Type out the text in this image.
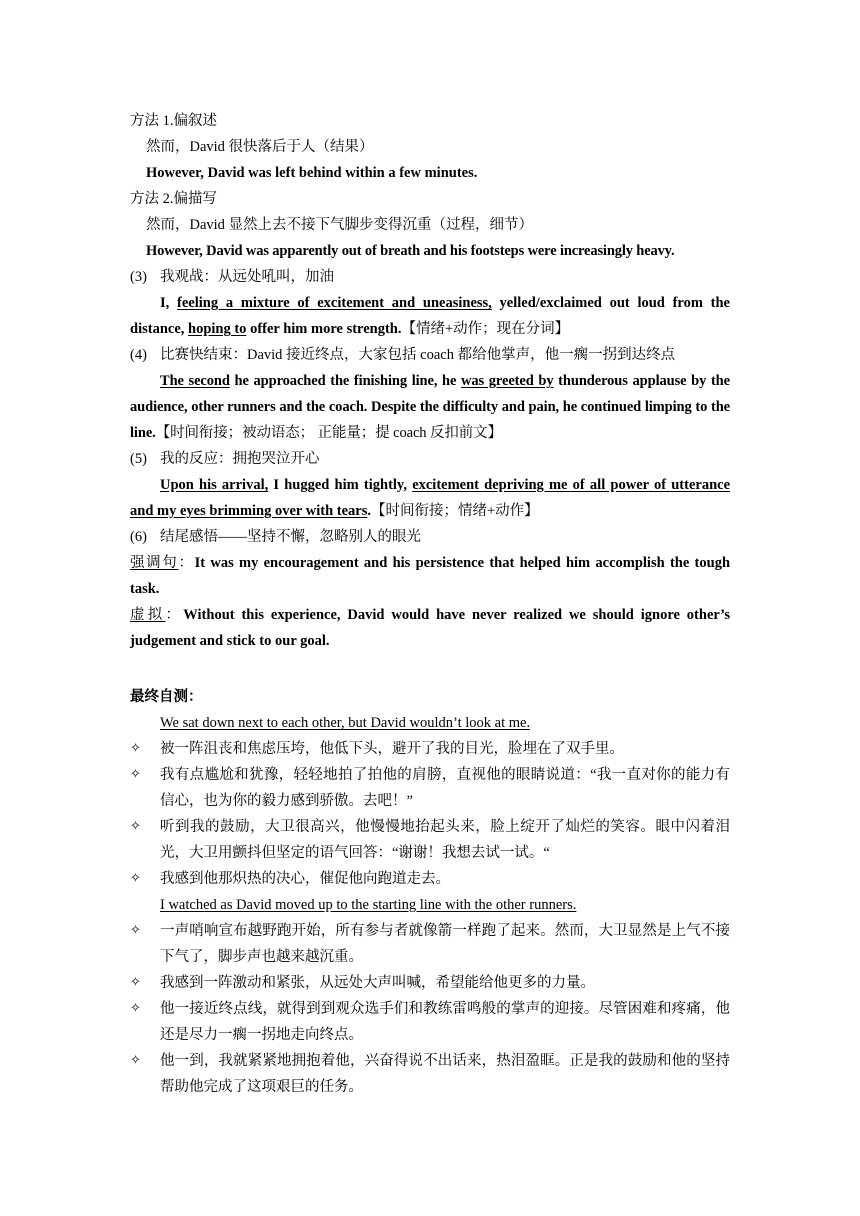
方法 1.偏叙述
然而，David 很快落后于人（结果）
However, David was left behind within a few minutes.
方法 2.偏描写
然而，David 显然上去不接下气脚步变得沉重（过程，细节）
However, David was apparently out of breath and his footsteps were increasingly heavy.
(3) 我观战：从远处吼叫，加油
I, feeling a mixture of excitement and uneasiness, yelled/exclaimed out loud from the distance, hoping to offer him more strength.【情绪+动作；现在分词】
(4) 比赛快结束：David 接近终点，大家包括 coach 都给他掌声，他一瘸一拐到达终点
The second he approached the finishing line, he was greeted by thunderous applause by the audience, other runners and the coach. Despite the difficulty and pain, he continued limping to the line.【时间衔接；被动语态； 正能量；提 coach 反扣前文】
(5) 我的反应：拥抱哭泣开心
Upon his arrival, I hugged him tightly, excitement depriving me of all power of utterance and my eyes brimming over with tears.【时间衔接；情绪+动作】
(6) 结尾感悟——坚持不懈，忽略别人的眼光
强调句：It was my encouragement and his persistence that helped him accomplish the tough task.
虚拟：Without this experience, David would have never realized we should ignore other’s judgement and stick to our goal.
最终自测：
We sat down next to each other, but David wouldn’t look at me.
✧	被一阵沮丧和焦虑压垮，他低下头，避开了我的目光，脸埋在了双手里。
✧	我有点尴尬和犹豫，轻轻地拍了拍他的肩膀，直视他的眼睛说道：“我一直对你的能力有信心，也为你的毅力感到骄傲。去吧！”
✧	听到我的鼓励，大卫很高兴，他慢慢地抬起头来，脸上绽开了灿烂的笑容。眼中闪着泪光，大卫用颤抖但坚定的语气回答：“谢谢！我想去试一试。“
✧	我感到他那炽热的决心，催促他向跑道走去。
I watched as David moved up to the starting line with the other runners.
✧	一声哨响宣布越野跑开始，所有参与者就像箭一样跑了起来。然而，大卫显然是上气不接下气了，脚步声也越来越沉重。
✧	我感到一阵激动和紧张，从远处大声叫喊，希望能给他更多的力量。
✧	他一接近终点线，就得到到观众选手们和教练雷鸣般的掌声的迎接。尽管困难和疼痛，他还是尽力一瘸一拐地走向终点。
✧	他一到，我就紧紧地拥抱着他，兴奋得说不出话来，热泪盈眶。正是我的鼓励和他的坚持帮助他完成了这项艰巨的任务。
